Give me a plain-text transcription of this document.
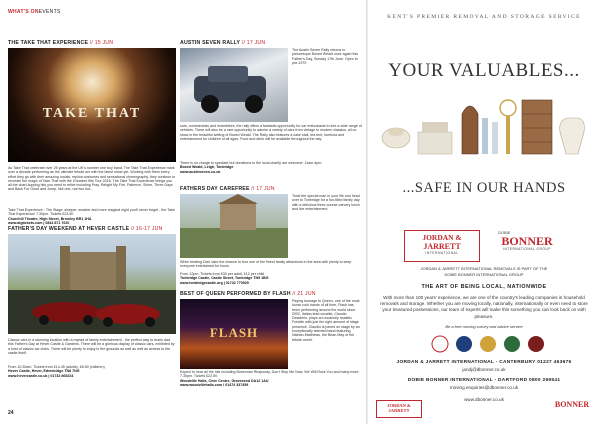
WHAT'S ONEVENTS
THE TAKE THAT EXPERIENCE // 15 JUN
TAKE THAT
As Take That celebrate over 25 years at the UK's number one boy band, The Take That Experience mark over a decade performing as the ultimate tribute act with the latest show yet. Working with them every effort they go with their amazing vocals, replica costumes and sensational choreography, they continue to recreate the magic of Take That with the Greatest Hits Tour 2018. The Take That Experience brings you all the chart-topping hits you need to relive including Pray, Relight My Fire, Patience, Shine, Three Days and Back For Good and Jump. Not one, not two but...
Take That Experience - The Stage: sharper, smarter and more magical night you'll never forget - the Take That Experience! 7.30pm. Tickets £23.50
Churchill Theatre, High Street, Bromley BR1 1HA
www.atgtickets.com | 0844 871 7620
FATHER'S DAY WEEKEND AT HEVER CASTLE // 16-17 JUN
Classic cars in a stunning location with a myriad of family entertainment - the perfect way to thank dad this Father's Day at Hever Castle & Gardens. There will be a glorious display of classic cars, exhibited by a host of classic car clubs. There will be plenty to enjoy in the grounds as well as well as access to the castle itself.
From 10.30am. Tickets from £14.45 (adults), £8.50 (children)
Hever Castle, Hever, Edenbridge TN8 7NG
www.hevercastle.co.uk | 01732 865224
AUSTIN SEVEN RALLY // 17 JUN
The Austin Seven Rally returns to picturesque Boxed Weald once again this Father's Day, Sunday 17th June. Open to pre-1970
cars, commercials and motorbikes, the rally offers a fantastic opportunity for car enthusiasts to see a wide range of vehicles. There will also be a rare opportunity to admire a variety of cars from vintage to modern classics, all on show in the beautiful setting of Boxed Weald. The Rally also features a cake stall, tea tent, tombola and entertainment for children of all ages. Food and drink will be available throughout the day.
There is no charge to spectate but donations to the local charity are welcome. 11am-4pm.
Boxed Weald, Leigh, Tonbridge
www.austinseven.co.uk
FATHERS DAY CAREFREE // 17 JUN
Treat the special man in your life and head over to Tonbridge for a fun-filled family day with a delicious three-course carvery lunch and live entertainment.
While treating Dad, take the chance to tour one of the finest family attractions in the area with plenty to keep everyone entertained for hours.
From 12pm. Tickets from £30 per adult, £12 per child
Tonbridge Castle, Castle Street, Tonbridge TN9 1BG
www.tonbridgecastle.org | 01732 770929
BEST OF QUEEN PERFORMED BY FLASH // 21 JUN
FLASH
Paying homage to Queen, one of the most iconic rock bands of all time, Flash has been performing around the world since 2002. Italian lead vocalist, Claudio Desiderio, plays an uncannily realistic Freddie with just the right amount of stage presence. Claudio is joined on stage by an exceptionally talented band featuring Nathan Matthews, the Brian May of the tribute world.
Expect to hear all the hits including Bohemian Rhapsody, Don't Stop Me Now, We Will Rock You and many more. 7.30pm. Tickets £22.50
Woodville Halls, Civic Centre, Gravesend DA12 1AU
www.woodvillehalls.com | 01474 337459
24
KENT'S PREMIER REMOVAL AND STORAGE SERVICE
YOUR VALUABLES...
...SAFE IN OUR HANDS
JORDAN &
JARRETT
INTERNATIONAL
DOBIE
BONNER
INTERNATIONAL GROUP
JORDAN & JARRETT INTERNATIONAL REMOVALS IS PART OF THE
DOBIE BONNER INTERNATIONAL GROUP
THE ART OF BEING LOCAL, NATIONWIDE
With more than 100 years' experience, we are one of the country's leading companies in household removals and storage. Whether you are moving locally, nationally, internationally or even need to store your treasured possessions, our team of experts will make this something you can look back on with pleasure.
Be a free moving survey and advice service
JORDAN & JARRETT INTERNATIONAL - CANTERBURY 01227 463675
jandj@dbonner.co.uk
DOBIE BONNER INTERNATIONAL - DARTFORD 0800 269541
moving.enquiries@dbonner.co.uk
www.dbonner.co.uk
JORDAN &
JARRETT
BONNER
